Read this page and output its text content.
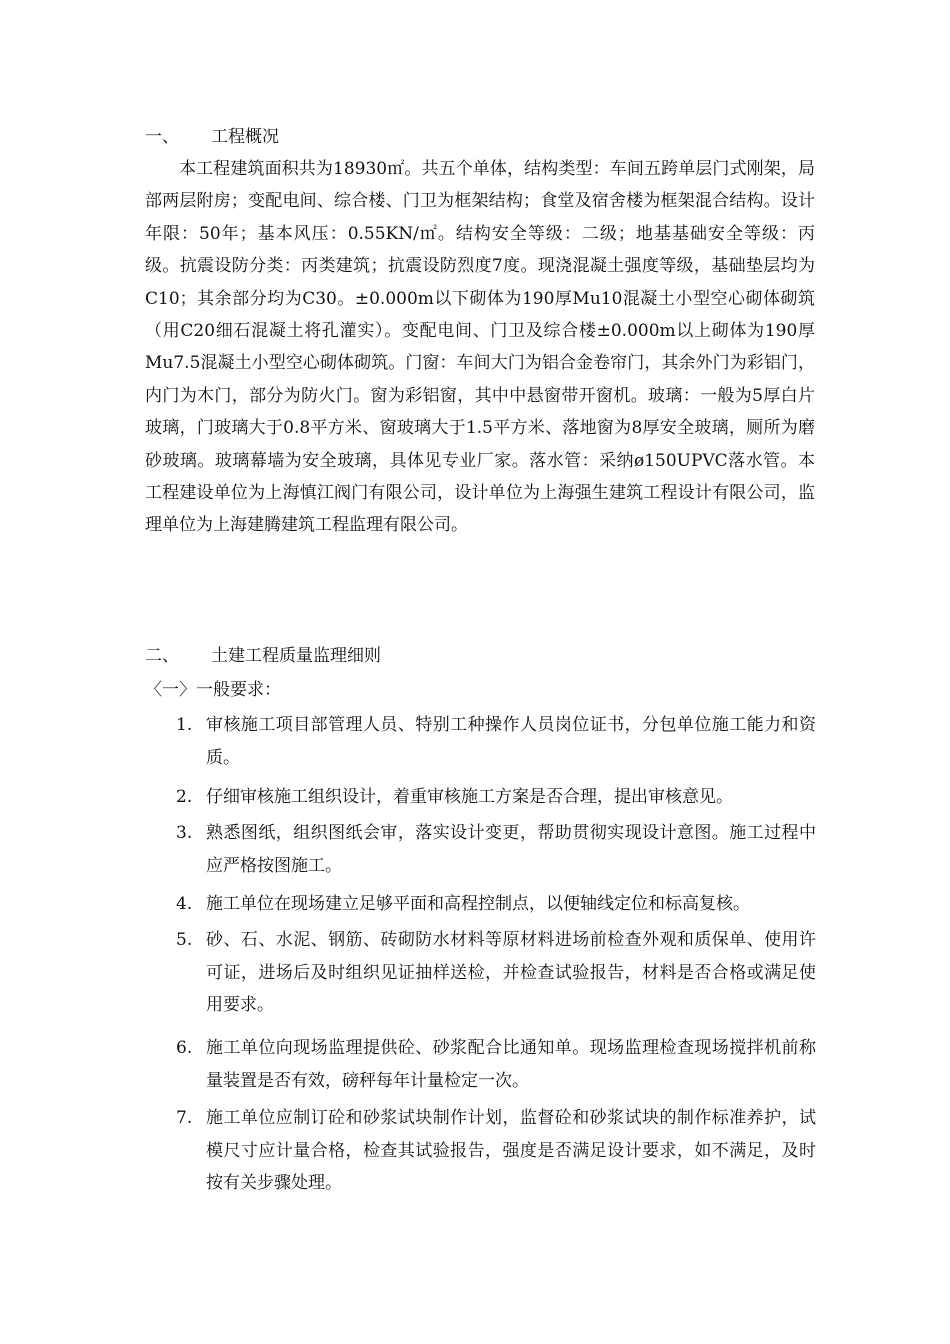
一、 工程概况

本工程建筑面积共为18930㎡。共五个单体，结构类型：车间五跨单层门式刚架，局部两层附房；变配电间、综合楼、门卫为框架结构；食堂及宿舍楼为框架混合结构。设计年限：50年；基本风压：0.55KN/㎡。结构安全等级：二级；地基基础安全等级：丙级。抗震设防分类：丙类建筑；抗震设防烈度7度。现浇混凝土强度等级，基础垫层均为C10；其余部分均为C30。±0.000m以下砌体为190厚Mu10混凝土小型空心砌体砌筑（用C20细石混凝土将孔灌实）。变配电间、门卫及综合楼±0.000m以上砌体为190厚Mu7.5混凝土小型空心砌体砌筑。门窗：车间大门为铝合金卷帘门，其余外门为彩铝门，内门为木门，部分为防火门。窗为彩铝窗，其中中悬窗带开窗机。玻璃：一般为5厚白片玻璃，门玻璃大于0.8平方米、窗玻璃大于1.5平方米、落地窗为8厚安全玻璃，厕所为磨砂玻璃。玻璃幕墙为安全玻璃，具体见专业厂家。落水管：采纳ø150UPVC落水管。本工程建设单位为上海慎江阀门有限公司，设计单位为上海强生建筑工程设计有限公司，监理单位为上海建腾建筑工程监理有限公司。

二、 土建工程质量监理细则
〈一〉一般要求：
1. 审核施工项目部管理人员、特别工种操作人员岗位证书，分包单位施工能力和资质。
2. 仔细审核施工组织设计，着重审核施工方案是否合理，提出审核意见。
3. 熟悉图纸，组织图纸会审，落实设计变更，帮助贯彻实现设计意图。施工过程中应严格按图施工。
4. 施工单位在现场建立足够平面和高程控制点，以便轴线定位和标高复核。
5. 砂、石、水泥、钢筋、砖砌防水材料等原材料进场前检查外观和质保单、使用许可证，进场后及时组织见证抽样送检，并检查试验报告，材料是否合格或满足使用要求。
6. 施工单位向现场监理提供砼、砂浆配合比通知单。现场监理检查现场搅拌机前称量装置是否有效，磅秤每年计量检定一次。
7. 施工单位应制订砼和砂浆试块制作计划，监督砼和砂浆试块的制作标准养护，试模尺寸应计量合格，检查其试验报告，强度是否满足设计要求，如不满足，及时按有关步骤处理。
